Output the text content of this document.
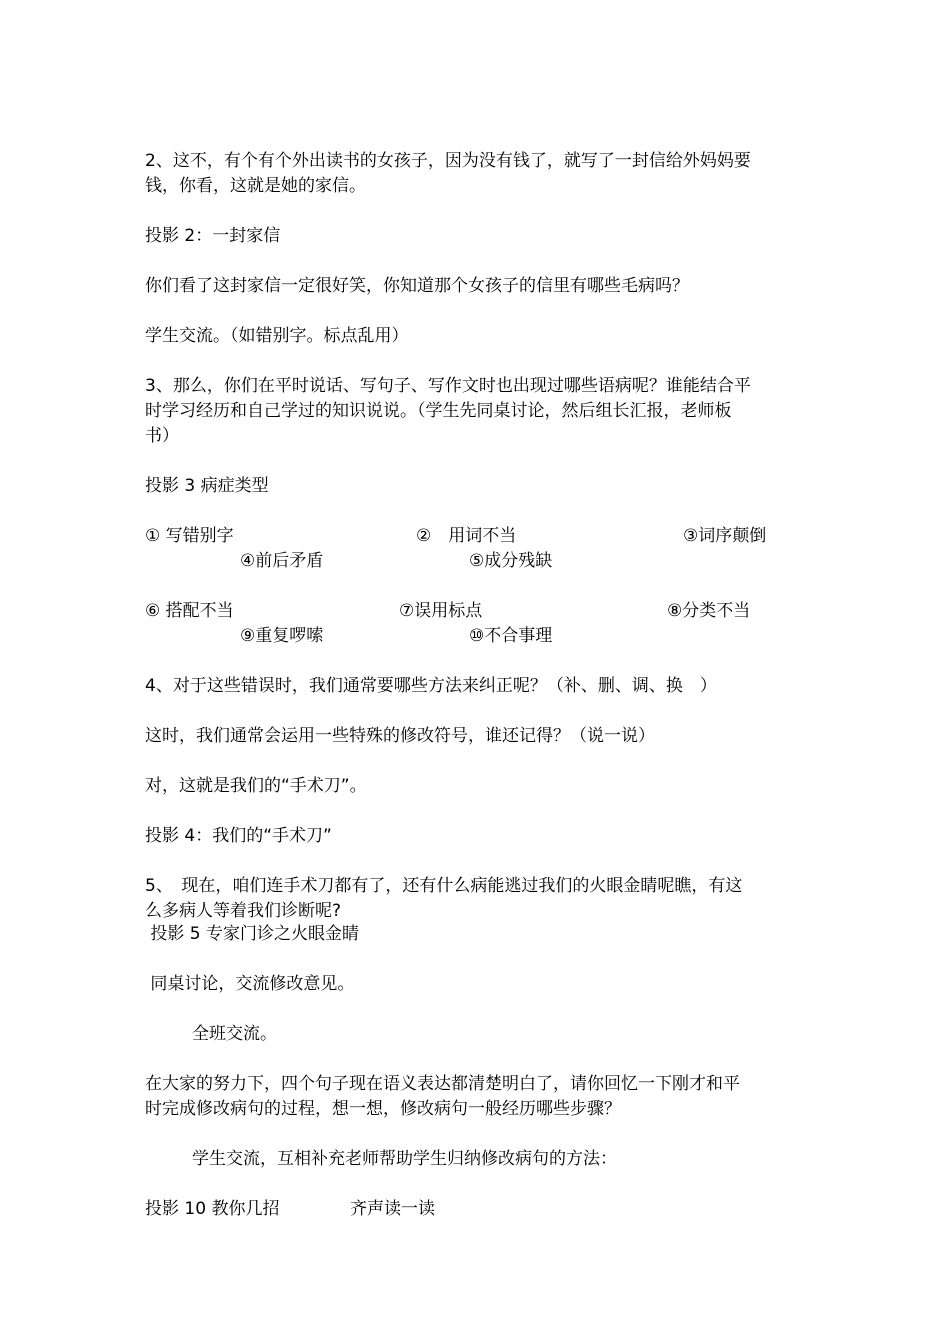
2、这不，有个有个外出读书的女孩子，因为没有钱了，就写了一封信给外妈妈要
钱，你看，这就是她的家信。
投影 2：一封家信
你们看了这封家信一定很好笑，你知道那个女孩子的信里有哪些毛病吗？
学生交流。（如错别字。标点乱用）
3、那么，你们在平时说话、写句子、写作文时也出现过哪些语病呢？谁能结合平
时学习经历和自己学过的知识说说。（学生先同桌讨论，然后组长汇报，老师板
书）
投影 3 病症类型
① 写错别字	②　用词不当	③词序颠倒
④前后矛盾	⑤成分残缺
⑥ 搭配不当	⑦误用标点	⑧分类不当
⑨重复啰嗦	⑩不合事理
4、对于这些错误时，我们通常要哪些方法来纠正呢？（补、删、调、换　）
这时，我们通常会运用一些特殊的修改符号，谁还记得？（说一说）
对，这就是我们的“手术刀”。
投影 4：我们的“手术刀”
5、　现在，咱们连手术刀都有了，还有什么病能逃过我们的火眼金睛呢瞧，有这
么多病人等着我们诊断呢?
投影 5 专家门诊之火眼金睛
同桌讨论，交流修改意见。
全班交流。
在大家的努力下，四个句子现在语义表达都清楚明白了，请你回忆一下刚才和平
时完成修改病句的过程，想一想，修改病句一般经历哪些步骤？
学生交流，互相补充老师帮助学生归纳修改病句的方法：
投影 10 教你几招	齐声读一读
